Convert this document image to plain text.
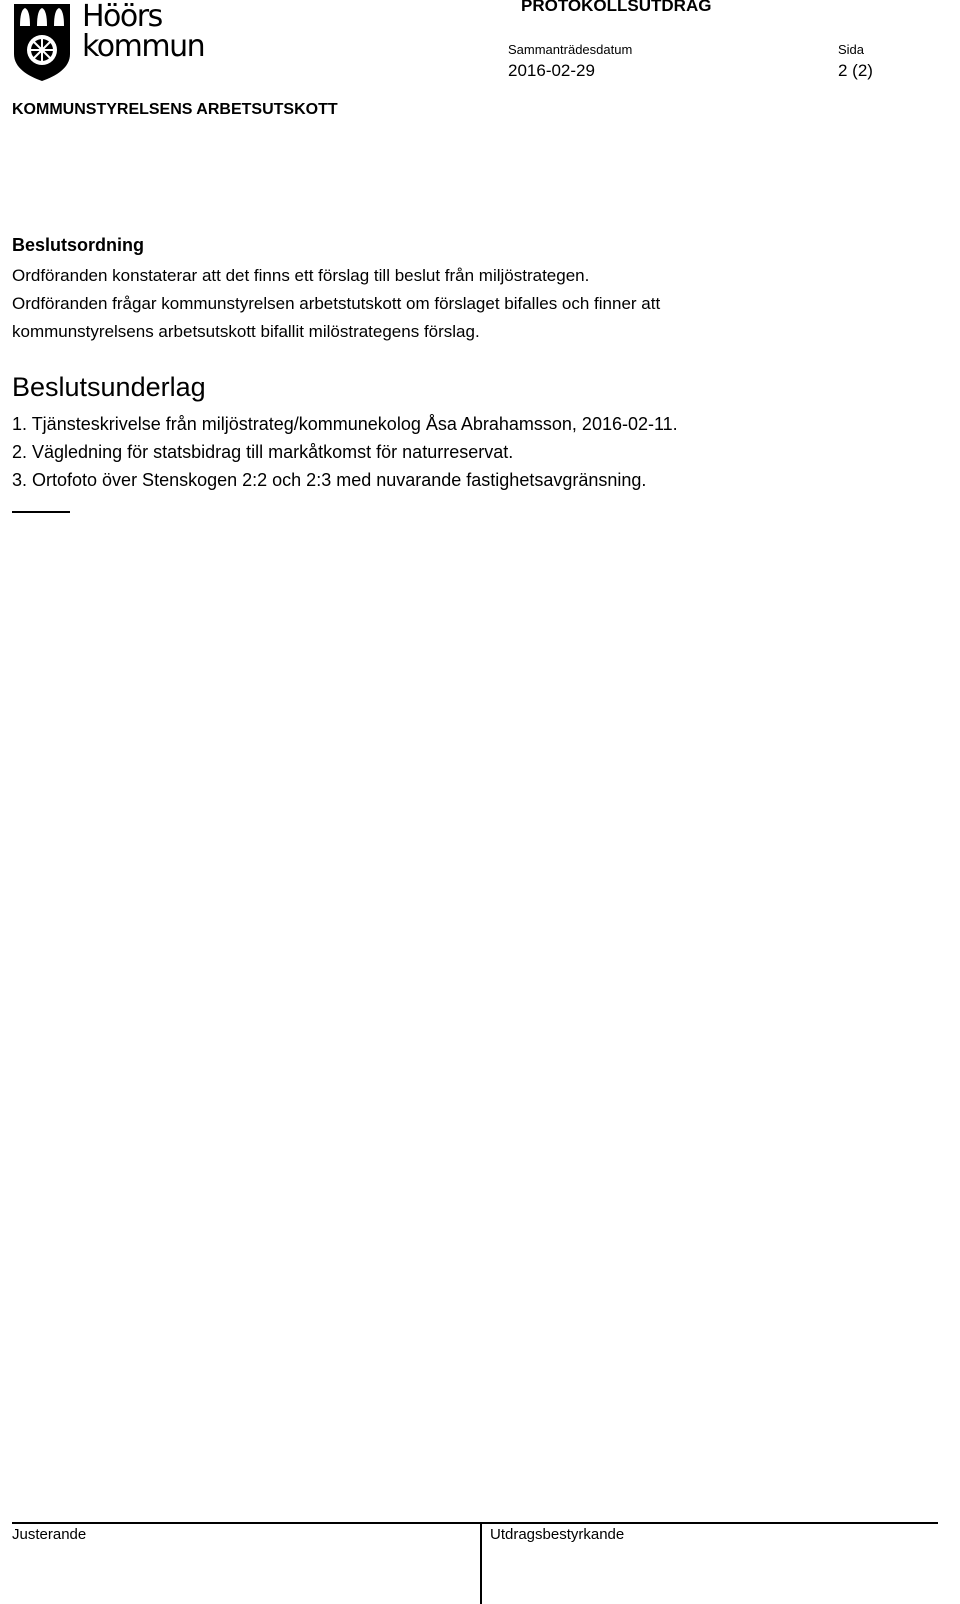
Höörs
kommun
PROTOKOLLSUTDRAG
Sammanträdesdatum
2016-02-29
Sida
2 (2)
KOMMUNSTYRELSENS ARBETSUTSKOTT
Beslutsordning
Ordföranden konstaterar att det finns ett förslag till beslut från miljöstrategen.
Ordföranden frågar kommunstyrelsen arbetstutskott om förslaget bifalles och finner att
kommunstyrelsens arbetsutskott bifallit milöstrategens förslag.
Beslutsunderlag
1. Tjänsteskrivelse från miljöstrateg/kommunekolog Åsa Abrahamsson, 2016-02-11.
2. Vägledning för statsbidrag till markåtkomst för naturreservat.
3. Ortofoto över Stenskogen 2:2 och 2:3 med nuvarande fastighetsavgränsning.
Justerande	Utdragsbestyrkande
